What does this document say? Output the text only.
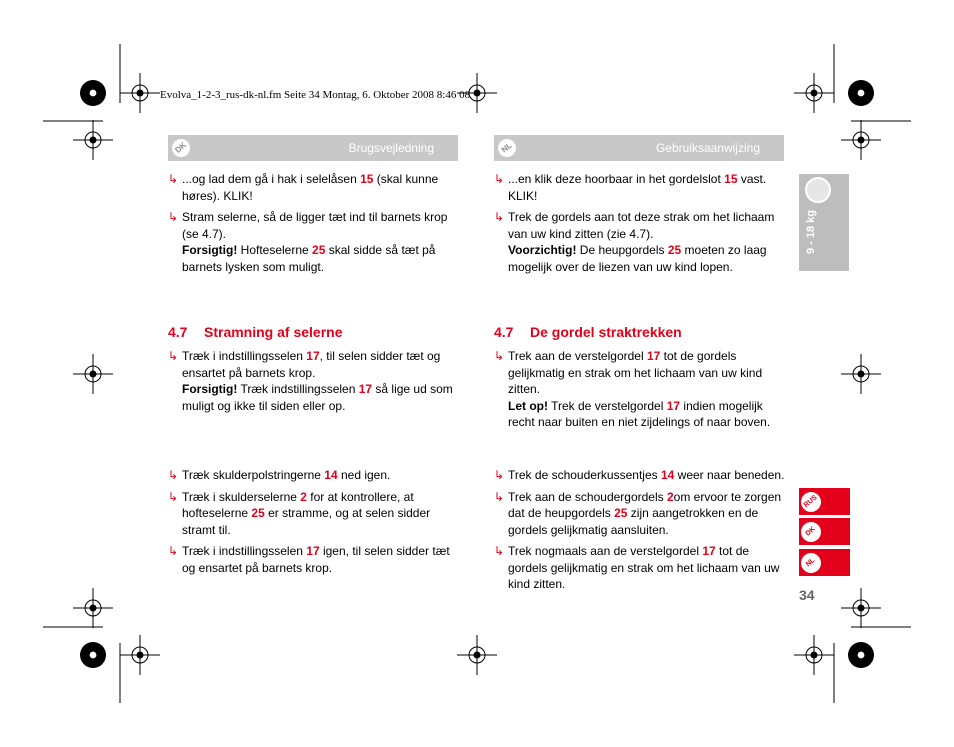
Evolva_1-2-3_rus-dk-nl.fm Seite 34 Montag, 6. Oktober 2008 8:46 08
DK	Brugsvejledning
↳ ...og lad dem gå i hak i selelåsen 15 (skal kunne høres). KLIK!

↳ Stram selerne, så de ligger tæt ind til barnets krop (se 4.7).

Forsigtig! Hofteselerne 25 skal sidde så tæt på barnets lysken som muligt.

4.7 Stramning af selerne
↳ Træk i indstillingsselen 17, til selen sidder tæt og ensartet på barnets krop.

Forsigtig! Træk indstillingsselen 17 så lige ud som muligt og ikke til siden eller op.

↳ Træk skulderpolstringerne 14 ned igen.

↳ Træk i skulderselerne 2 for at kontrollere, at hofteselerne 25 er stramme, og at selen sidder stramt til.

↳ Træk i indstillingsselen 17 igen, til selen sidder tæt og ensartet på barnets krop.

NL	Gebruiksaanwijzing
↳ ...en klik deze hoorbaar in het gordelslot 15 vast. KLIK!

↳ Trek de gordels aan tot deze strak om het lichaam van uw kind zitten (zie 4.7).

Voorzichtig! De heupgordels 25 moeten zo laag mogelijk over de liezen van uw kind lopen.

4.7 De gordel straktrekken
↳ Trek aan de verstelgordel 17 tot de gordels gelijkmatig en strak om het lichaam van uw kind zitten.

Let op! Trek de verstelgordel 17 indien mogelijk recht naar buiten en niet zijdelings of naar boven.

↳ Trek de schouderkussentjes 14 weer naar beneden.

↳ Trek aan de schoudergordels 2om ervoor te zorgen dat de heupgordels 25 zijn aangetrokken en de gordels gelijkmatig aansluiten.

↳ Trek nogmaals aan de verstelgordel 17 tot de gordels gelijkmatig en strak om het lichaam van uw kind zitten.

9 - 18 kg
RUS
DK
NL
34
